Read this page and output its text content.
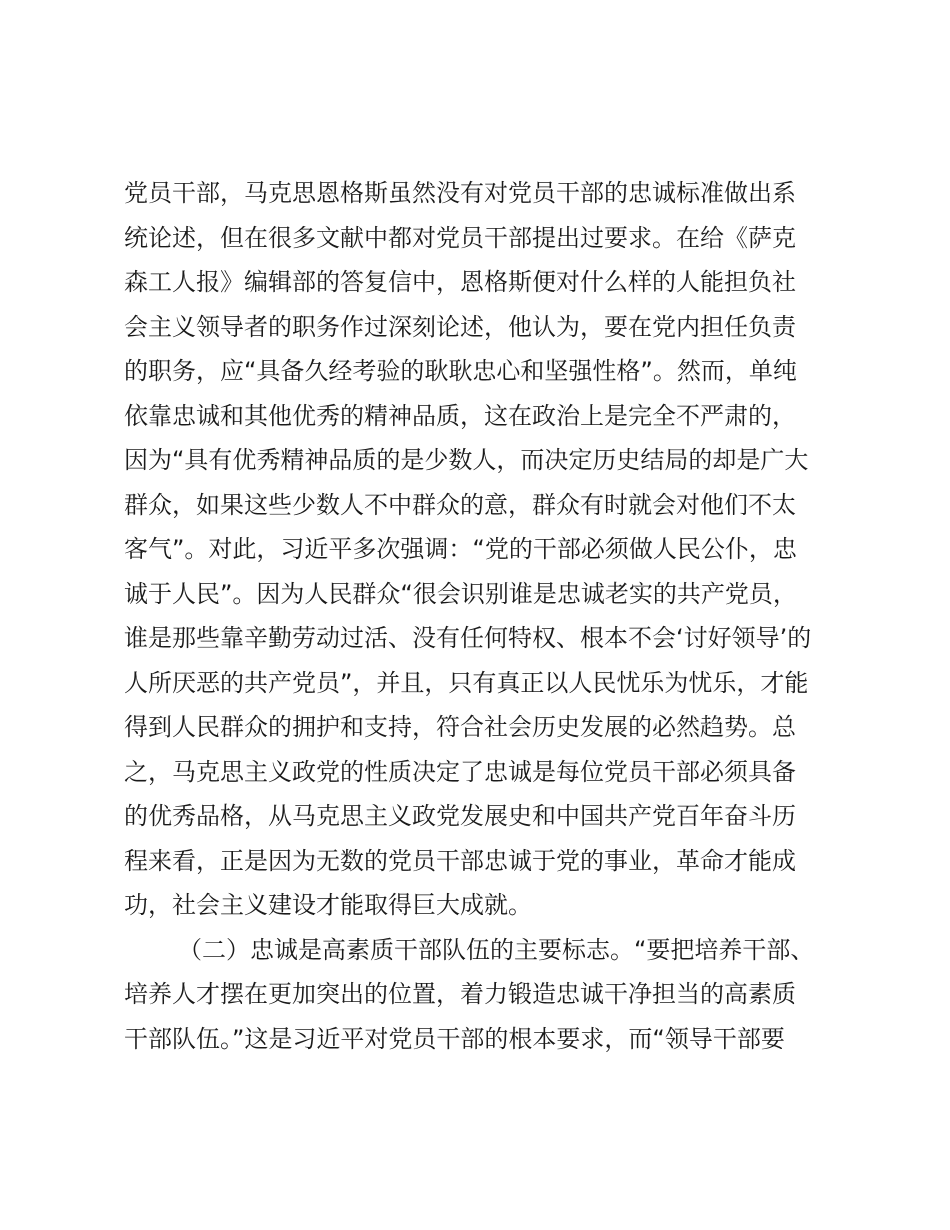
党员干部，马克思恩格斯虽然没有对党员干部的忠诚标准做出系
统论述，但在很多文献中都对党员干部提出过要求。在给《萨克
森工人报》编辑部的答复信中，恩格斯便对什么样的人能担负社
会主义领导者的职务作过深刻论述，他认为，要在党内担任负责
的职务，应“具备久经考验的耿耿忠心和坚强性格”。然而，单纯
依靠忠诚和其他优秀的精神品质，这在政治上是完全不严肃的，
因为“具有优秀精神品质的是少数人，而决定历史结局的却是广大
群众，如果这些少数人不中群众的意，群众有时就会对他们不太
客气”。对此，习近平多次强调：“党的干部必须做人民公仆，忠
诚于人民”。因为人民群众“很会识别谁是忠诚老实的共产党员，
谁是那些靠辛勤劳动过活、没有任何特权、根本不会‘讨好领导’的
人所厌恶的共产党员”，并且，只有真正以人民忧乐为忧乐，才能
得到人民群众的拥护和支持，符合社会历史发展的必然趋势。总
之，马克思主义政党的性质决定了忠诚是每位党员干部必须具备
的优秀品格，从马克思主义政党发展史和中国共产党百年奋斗历
程来看，正是因为无数的党员干部忠诚于党的事业，革命才能成
功，社会主义建设才能取得巨大成就。
（二）忠诚是高素质干部队伍的主要标志。“要把培养干部、
培养人才摆在更加突出的位置，着力锻造忠诚干净担当的高素质
干部队伍。”这是习近平对党员干部的根本要求，而“领导干部要
